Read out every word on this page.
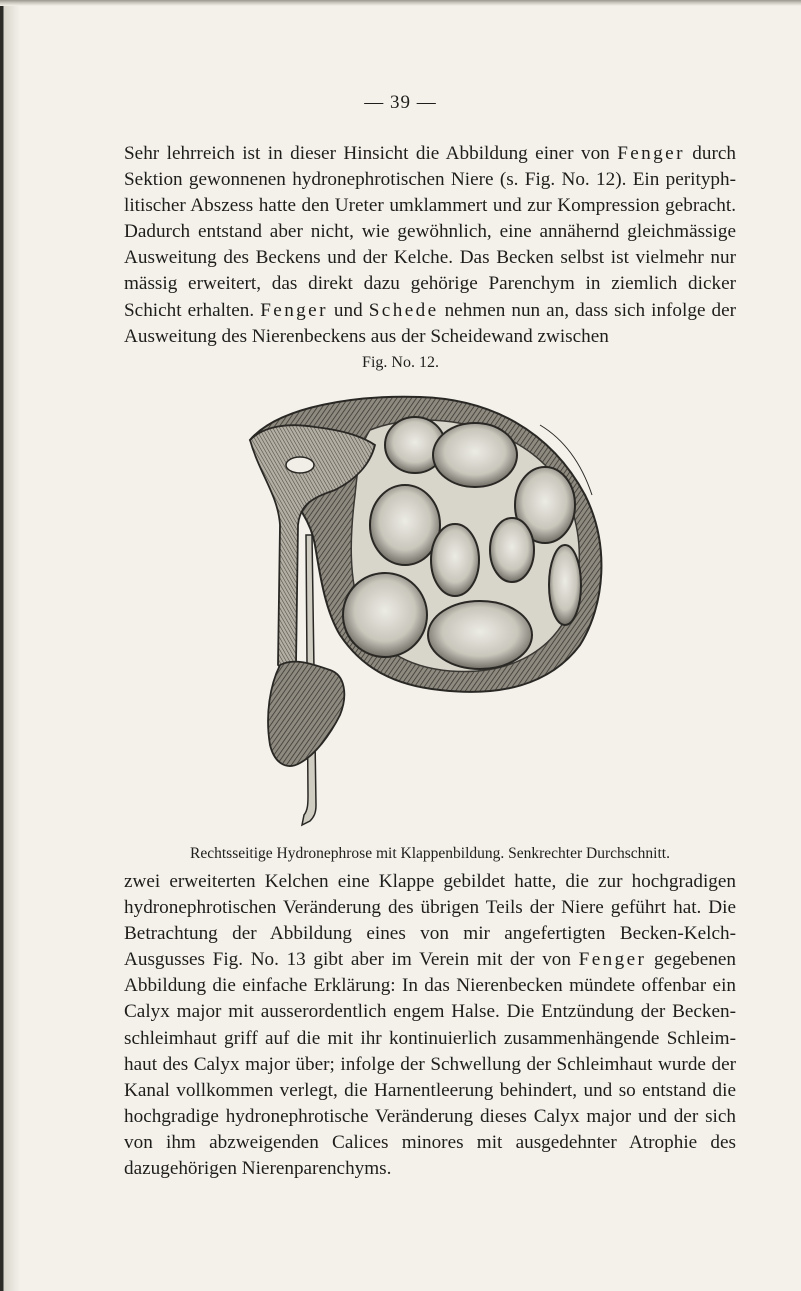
— 39 —

Sehr lehrreich ist in dieser Hinsicht die Abbildung einer von Fenger durch Sektion gewonnenen hydronephrotischen Niere (s. Fig. No. 12). Ein perityphlitischer Abszess hatte den Ureter umklammert und zur Kompression gebracht. Dadurch entstand aber nicht, wie gewöhnlich, eine annähernd gleichmässige Ausweitung des Beckens und der Kelche. Das Becken selbst ist vielmehr nur mässig erweitert, das direkt dazu gehörige Parenchym in ziemlich dicker Schicht erhalten. Fenger und Schede nehmen nun an, dass sich infolge der Ausweitung des Nierenbeckens aus der Scheidewand zwischen

Fig. No. 12.
Rechtsseitige Hydronephrose mit Klappenbildung. Senkrechter Durchschnitt.

zwei erweiterten Kelchen eine Klappe gebildet hatte, die zur hochgradigen hydronephrotischen Veränderung des übrigen Teils der Niere geführt hat. Die Betrachtung der Abbildung eines von mir angefertigten Becken-Kelch-Ausgusses Fig. No. 13 gibt aber im Verein mit der von Fenger gegebenen Abbildung die einfache Erklärung: In das Nierenbecken mündete offenbar ein Calyx major mit ausserordentlich engem Halse. Die Entzündung der Beckenschleimhaut griff auf die mit ihr kontinuierlich zusammenhängende Schleimhaut des Calyx major über; infolge der Schwellung der Schleimhaut wurde der Kanal vollkommen verlegt, die Harnentleerung behindert, und so entstand die hochgradige hydronephrotische Veränderung dieses Calyx major und der sich von ihm abzweigenden Calices minores mit ausgedehnter Atrophie des dazugehörigen Nierenparenchyms.
